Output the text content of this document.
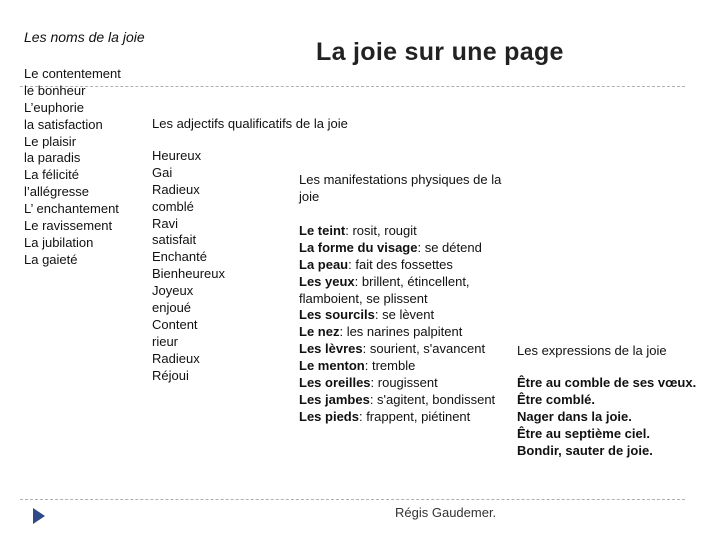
Les noms de la joie
La joie sur une page
Le contentement
le bonheur
L’euphorie
la satisfaction
Le plaisir
la paradis
La félicité
l’allégresse
L’ enchantement
Le ravissement
La jubilation
La gaieté
Les adjectifs qualificatifs de la joie
Heureux
Gai
Radieux
comblé
Ravi
satisfait
Enchanté
Bienheureux
Joyeux
enjoué
Content
rieur
Radieux
Réjoui
Les manifestations physiques de la
joie
Le teint: rosit, rougit
La forme du visage: se détend
La peau: fait des fossettes
Les yeux: brillent, étincellent,
flamboient, se plissent
Les sourcils: se lèvent
Le nez: les narines palpitent
Les lèvres: sourient, s'avancent
Le menton: tremble
Les oreilles: rougissent
Les jambes: s'agitent, bondissent
Les pieds: frappent, piétinent
Les expressions de la joie
Être au comble de ses vœux.
Être comblé.
Nager dans la joie.
Être au septième ciel.
Bondir, sauter de joie.
Régis Gaudemer.
